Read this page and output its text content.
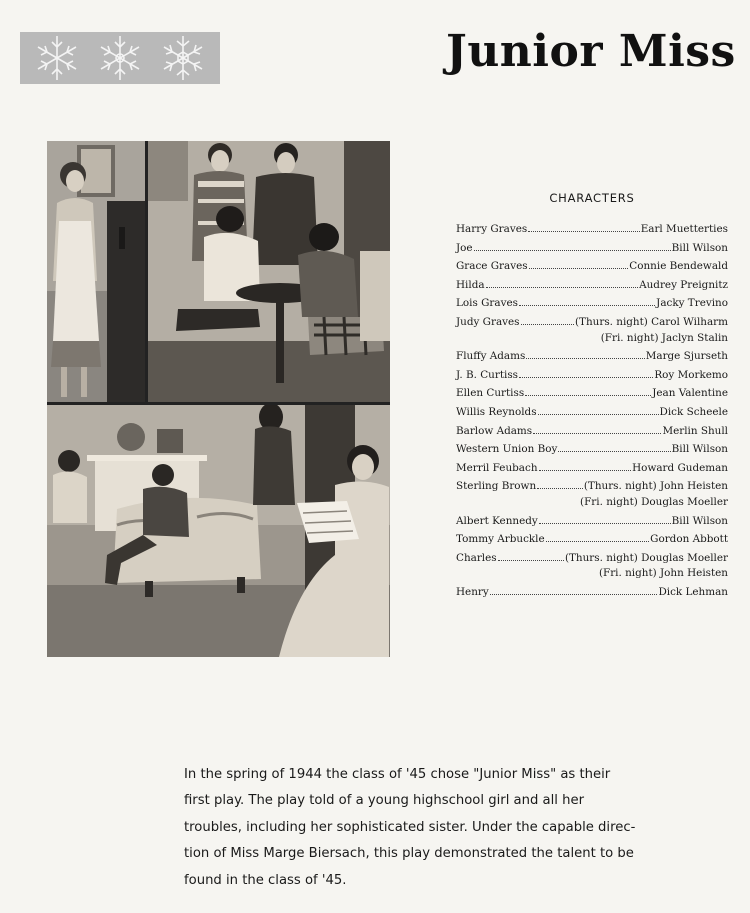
Junior Miss
CHARACTERS
Harry Graves	Earl Muetterties
Joe	Bill Wilson
Grace Graves	Connie Bendewald
Hilda	Audrey Preignitz
Lois Graves	Jacky Trevino
Judy Graves	(Thurs. night) Carol Wilharm
(Fri. night) Jaclyn Stalin
Fluffy Adams	Marge Sjurseth
J. B. Curtiss	Roy Morkemo
Ellen Curtiss	Jean Valentine
Willis Reynolds	Dick Scheele
Barlow Adams	Merlin Shull
Western Union Boy	Bill Wilson
Merril Feubach	Howard Gudeman
Sterling Brown	(Thurs. night) John Heisten
(Fri. night) Douglas Moeller
Albert Kennedy	Bill Wilson
Tommy Arbuckle	Gordon Abbott
Charles	(Thurs. night) Douglas Moeller
(Fri. night) John Heisten
Henry	Dick Lehman
In the spring of 1944 the class of '45 chose "Junior Miss" as their
first play. The play told of a young highschool girl and all her
troubles, including her sophisticated sister. Under the capable direc-
tion of Miss Marge Biersach, this play demonstrated the talent to be
found in the class of '45.
